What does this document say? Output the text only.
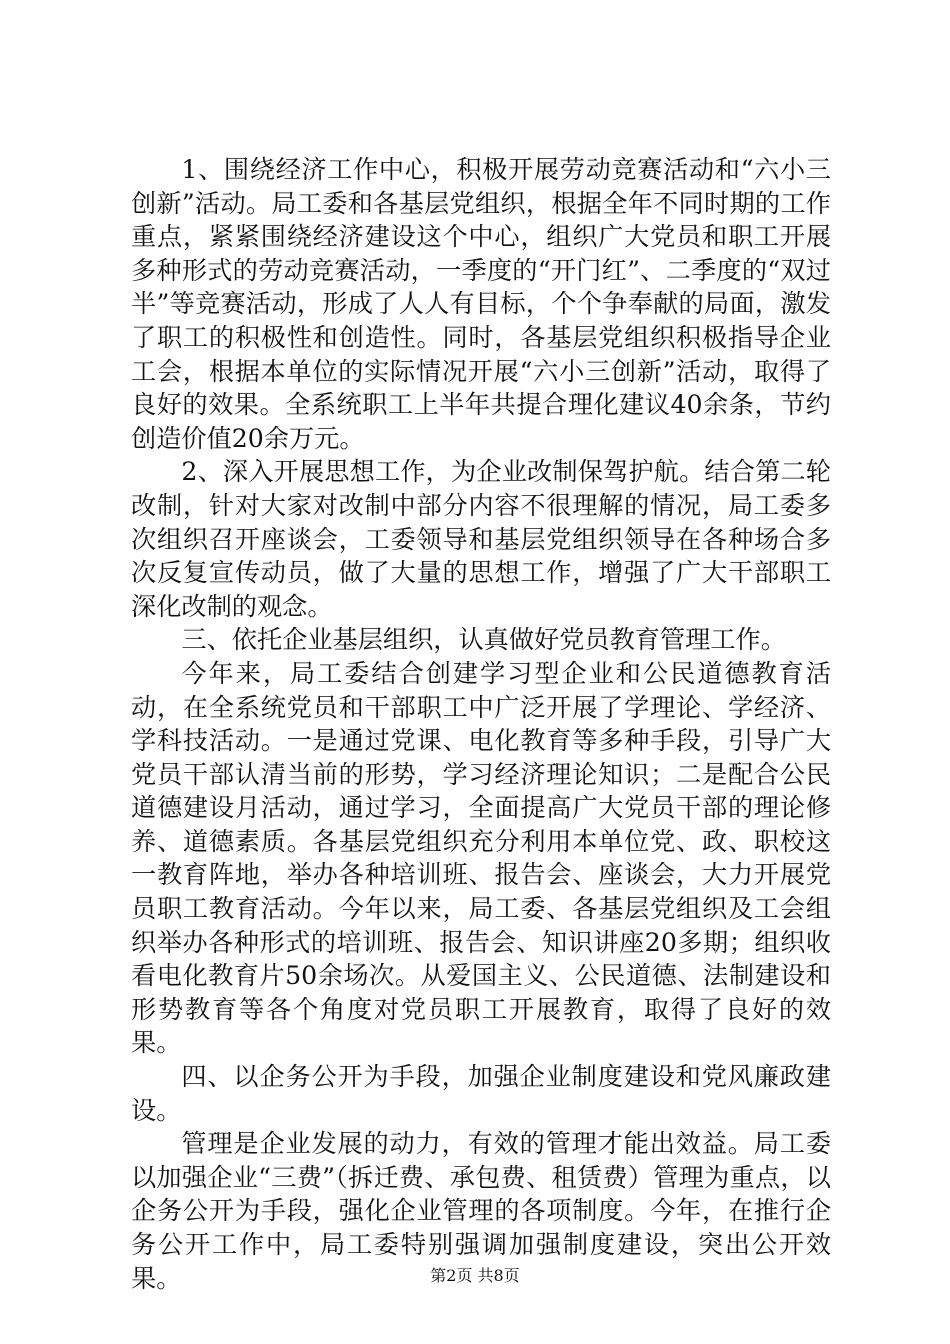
1、围绕经济工作中心，积极开展劳动竞赛活动和“六小三创新”活动。局工委和各基层党组织，根据全年不同时期的工作重点，紧紧围绕经济建设这个中心，组织广大党员和职工开展多种形式的劳动竞赛活动，一季度的“开门红”、二季度的“双过半”等竞赛活动，形成了人人有目标，个个争奉献的局面，激发了职工的积极性和创造性。同时，各基层党组织积极指导企业工会，根据本单位的实际情况开展“六小三创新”活动，取得了良好的效果。全系统职工上半年共提合理化建议40余条，节约创造价值20余万元。

2、深入开展思想工作，为企业改制保驾护航。结合第二轮改制，针对大家对改制中部分内容不很理解的情况，局工委多次组织召开座谈会，工委领导和基层党组织领导在各种场合多次反复宣传动员，做了大量的思想工作，增强了广大干部职工深化改制的观念。

三、依托企业基层组织，认真做好党员教育管理工作。

今年来，局工委结合创建学习型企业和公民道德教育活动，在全系统党员和干部职工中广泛开展了学理论、学经济、学科技活动。一是通过党课、电化教育等多种手段，引导广大党员干部认清当前的形势，学习经济理论知识；二是配合公民道德建设月活动，通过学习，全面提高广大党员干部的理论修养、道德素质。各基层党组织充分利用本单位党、政、职校这一教育阵地，举办各种培训班、报告会、座谈会，大力开展党员职工教育活动。今年以来，局工委、各基层党组织及工会组织举办各种形式的培训班、报告会、知识讲座20多期；组织收看电化教育片50余场次。从爱国主义、公民道德、法制建设和形势教育等各个角度对党员职工开展教育，取得了良好的效果。

四、以企务公开为手段，加强企业制度建设和党风廉政建设。

管理是企业发展的动力，有效的管理才能出效益。局工委以加强企业“三费”（拆迁费、承包费、租赁费）管理为重点，以企务公开为手段，强化企业管理的各项制度。今年，在推行企务公开工作中，局工委特别强调加强制度建设，突出公开效果。	第2页 共8页
